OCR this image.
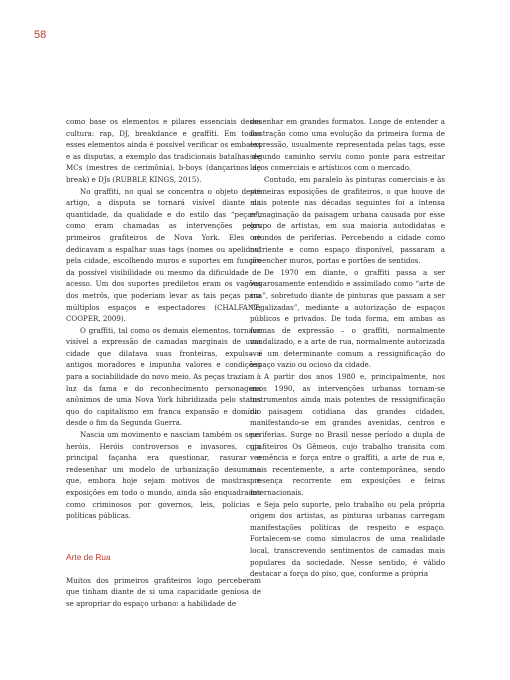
58

como base os elementos e pilares essenciais dessa cultura: rap, DJ, breakdance e graffiti. Em todos esses elementos ainda é possível verificar os embates e as disputas, a exemplo das tradicionais batalhas de MCs (mestres de cerimônia), b-boys (dançarinos de break) e DJs (RUBBLE KINGS, 2015).

No graffiti, no qual se concentra o objeto deste artigo, a disputa se tornará visível diante da quantidade, da qualidade e do estilo das “peças”, como eram chamadas as intervenções pelos primeiros grafiteiros de Nova York. Eles se dedicavam a espalhar suas tags (nomes ou apelidos) pela cidade, escolhendo muros e suportes em função da possível visibilidade ou mesmo da dificuldade de acesso. Um dos suportes prediletos eram os vagões dos metrôs, que poderiam levar as tais peças para múltiplos espaços e espectadores (CHALFANT; COOPER, 2009).

O graffiti, tal como os demais elementos, tornava visível a expressão de camadas marginais de uma cidade que dilatava suas fronteiras, expulsava antigos moradores e impunha valores e condições para a sociabilidade do novo meio. As peças traziam à luz da fama e do reconhecimento personagens anônimos de uma Nova York hibridizada pelo status quo do capitalismo em franca expansão e domínio desde o fim da Segunda Guerra.

Nascia um movimento e nasciam também os seus heróis. Heróis controversos e invasores, cuja principal façanha era questionar, rasurar e redesenhar um modelo de urbanização desumano que, embora hoje sejam motivos de mostras e exposições em todo o mundo, ainda são enquadrados como criminosos por governos, leis, polícias e políticas públicas.

Arte de Rua

Muitos dos primeiros grafiteiros logo perceberam que tinham diante de si uma capacidade geniosa de se apropriar do espaço urbano: a habilidade de

desenhar em grandes formatos. Longe de entender a ilustração como uma evolução da primeira forma de expressão, usualmente representada pelas tags, esse segundo caminho serviu como ponte para estreitar laços comerciais e artísticos com o mercado.

Contudo, em paralelo às pinturas comerciais e às primeiras exposições de grafiteiros, o que houve de mais potente nas décadas seguintes foi a intensa reimaginação da paisagem urbana causada por esse grupo de artistas, em sua maioria autodidatas e oriundos de periferias. Percebendo a cidade como nutriente e como espaço disponível, passaram a preencher muros, portas e portões de sentidos.

De 1970 em diante, o graffiti passa a ser vagarosamente entendido e assimilado como “arte de rua”, sobretudo diante de pinturas que passam a ser “legalizadas”, mediante a autorização de espaços públicos e privados. De toda forma, em ambas as formas de expressão – o graffiti, normalmente vandalizado, e a arte de rua, normalmente autorizada – é um determinante comum a ressignificação do espaço vazio ou ocioso da cidade.

A partir dos anos 1980 e, principalmente, nos anos 1990, as intervenções urbanas tornam-se instrumentos ainda mais potentes de ressignificação da paisagem cotidiana das grandes cidades, manifestando-se em grandes avenidas, centros e periferias. Surge no Brasil nesse período a dupla de grafiteiros Os Gêmeos, cujo trabalho transita com veemência e força entre o graffiti, a arte de rua e, mais recentemente, a arte contemporânea, sendo presença recorrente em exposições e feiras internacionais.

Seja pelo suporte, pelo trabalho ou pela própria origem dos artistas, as pinturas urbanas carregam manifestações políticas de respeito e espaço. Fortalecem-se como simulacros de uma realidade local, transcrevendo sentimentos de camadas mais populares da sociedade. Nesse sentido, é válido destacar a força do piso, que, conforme a própria
